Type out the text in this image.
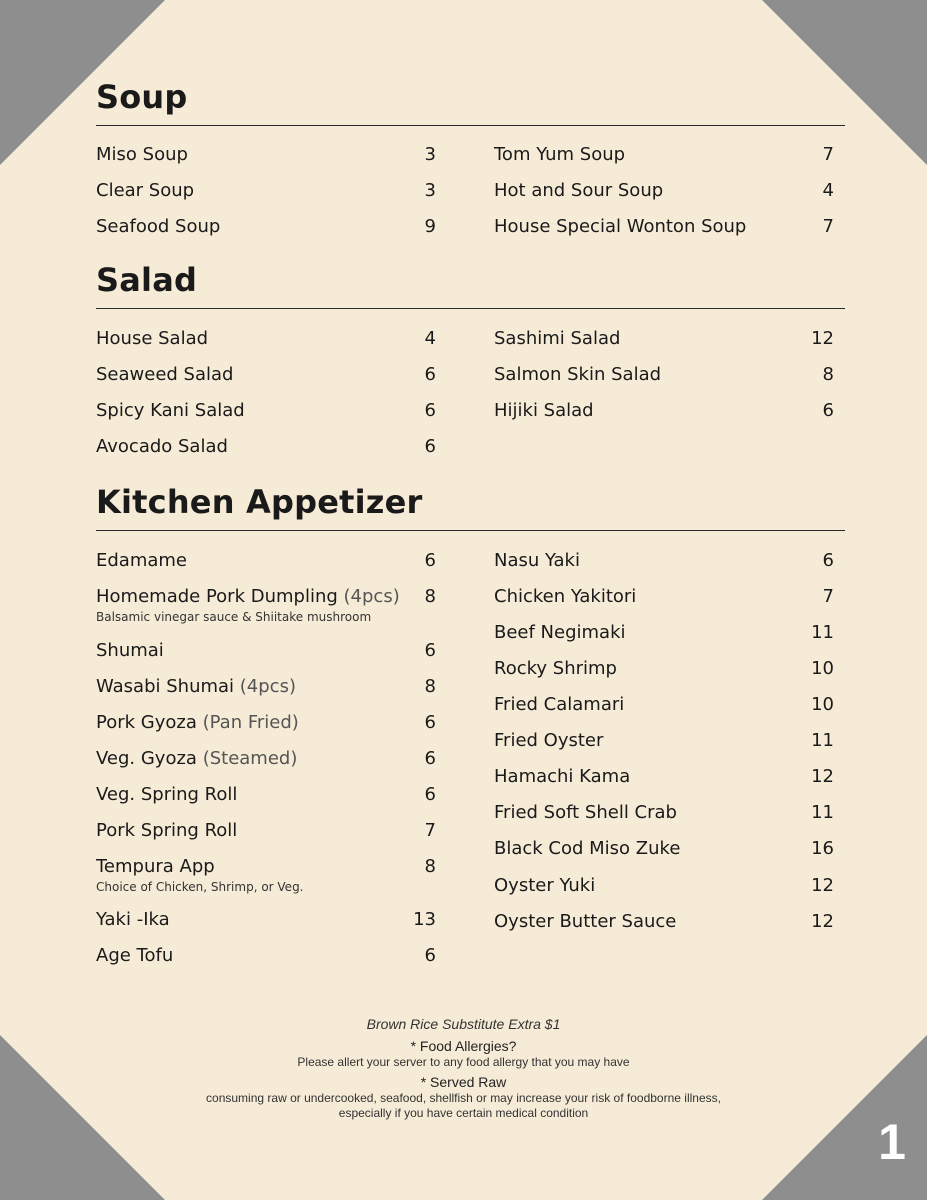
Soup
Miso Soup	3
Clear Soup	3
Seafood Soup	9
Tom Yum Soup	7
Hot and Sour Soup	4
House Special Wonton Soup	7
Salad
House Salad	4
Seaweed Salad	6
Spicy Kani Salad	6
Avocado Salad	6
Sashimi Salad	12
Salmon Skin Salad	8
Hijiki Salad	6
Kitchen Appetizer
Edamame	6
Homemade Pork Dumpling (4pcs)	8
Balsamic vinegar sauce & Shiitake mushroom
Shumai	6
Wasabi Shumai (4pcs)	8
Pork Gyoza (Pan Fried)	6
Veg. Gyoza (Steamed)	6
Veg. Spring Roll	6
Pork Spring Roll	7
Tempura App	8
Choice of Chicken, Shrimp, or Veg.
Yaki -Ika	13
Age Tofu	6
Nasu Yaki	6
Chicken Yakitori	7
Beef Negimaki	11
Rocky Shrimp	10
Fried Calamari	10
Fried Oyster	11
Hamachi Kama	12
Fried Soft Shell Crab	11
Black Cod Miso Zuke	16
Oyster Yuki	12
Oyster Butter Sauce	12
Brown Rice Substitute Extra $1
* Food Allergies?
Please allert your server to any food allergy that you may have
* Served Raw
consuming raw or undercooked, seafood, shellfish or may increase your risk of foodborne illness,
especially if you have certain medical condition
1
